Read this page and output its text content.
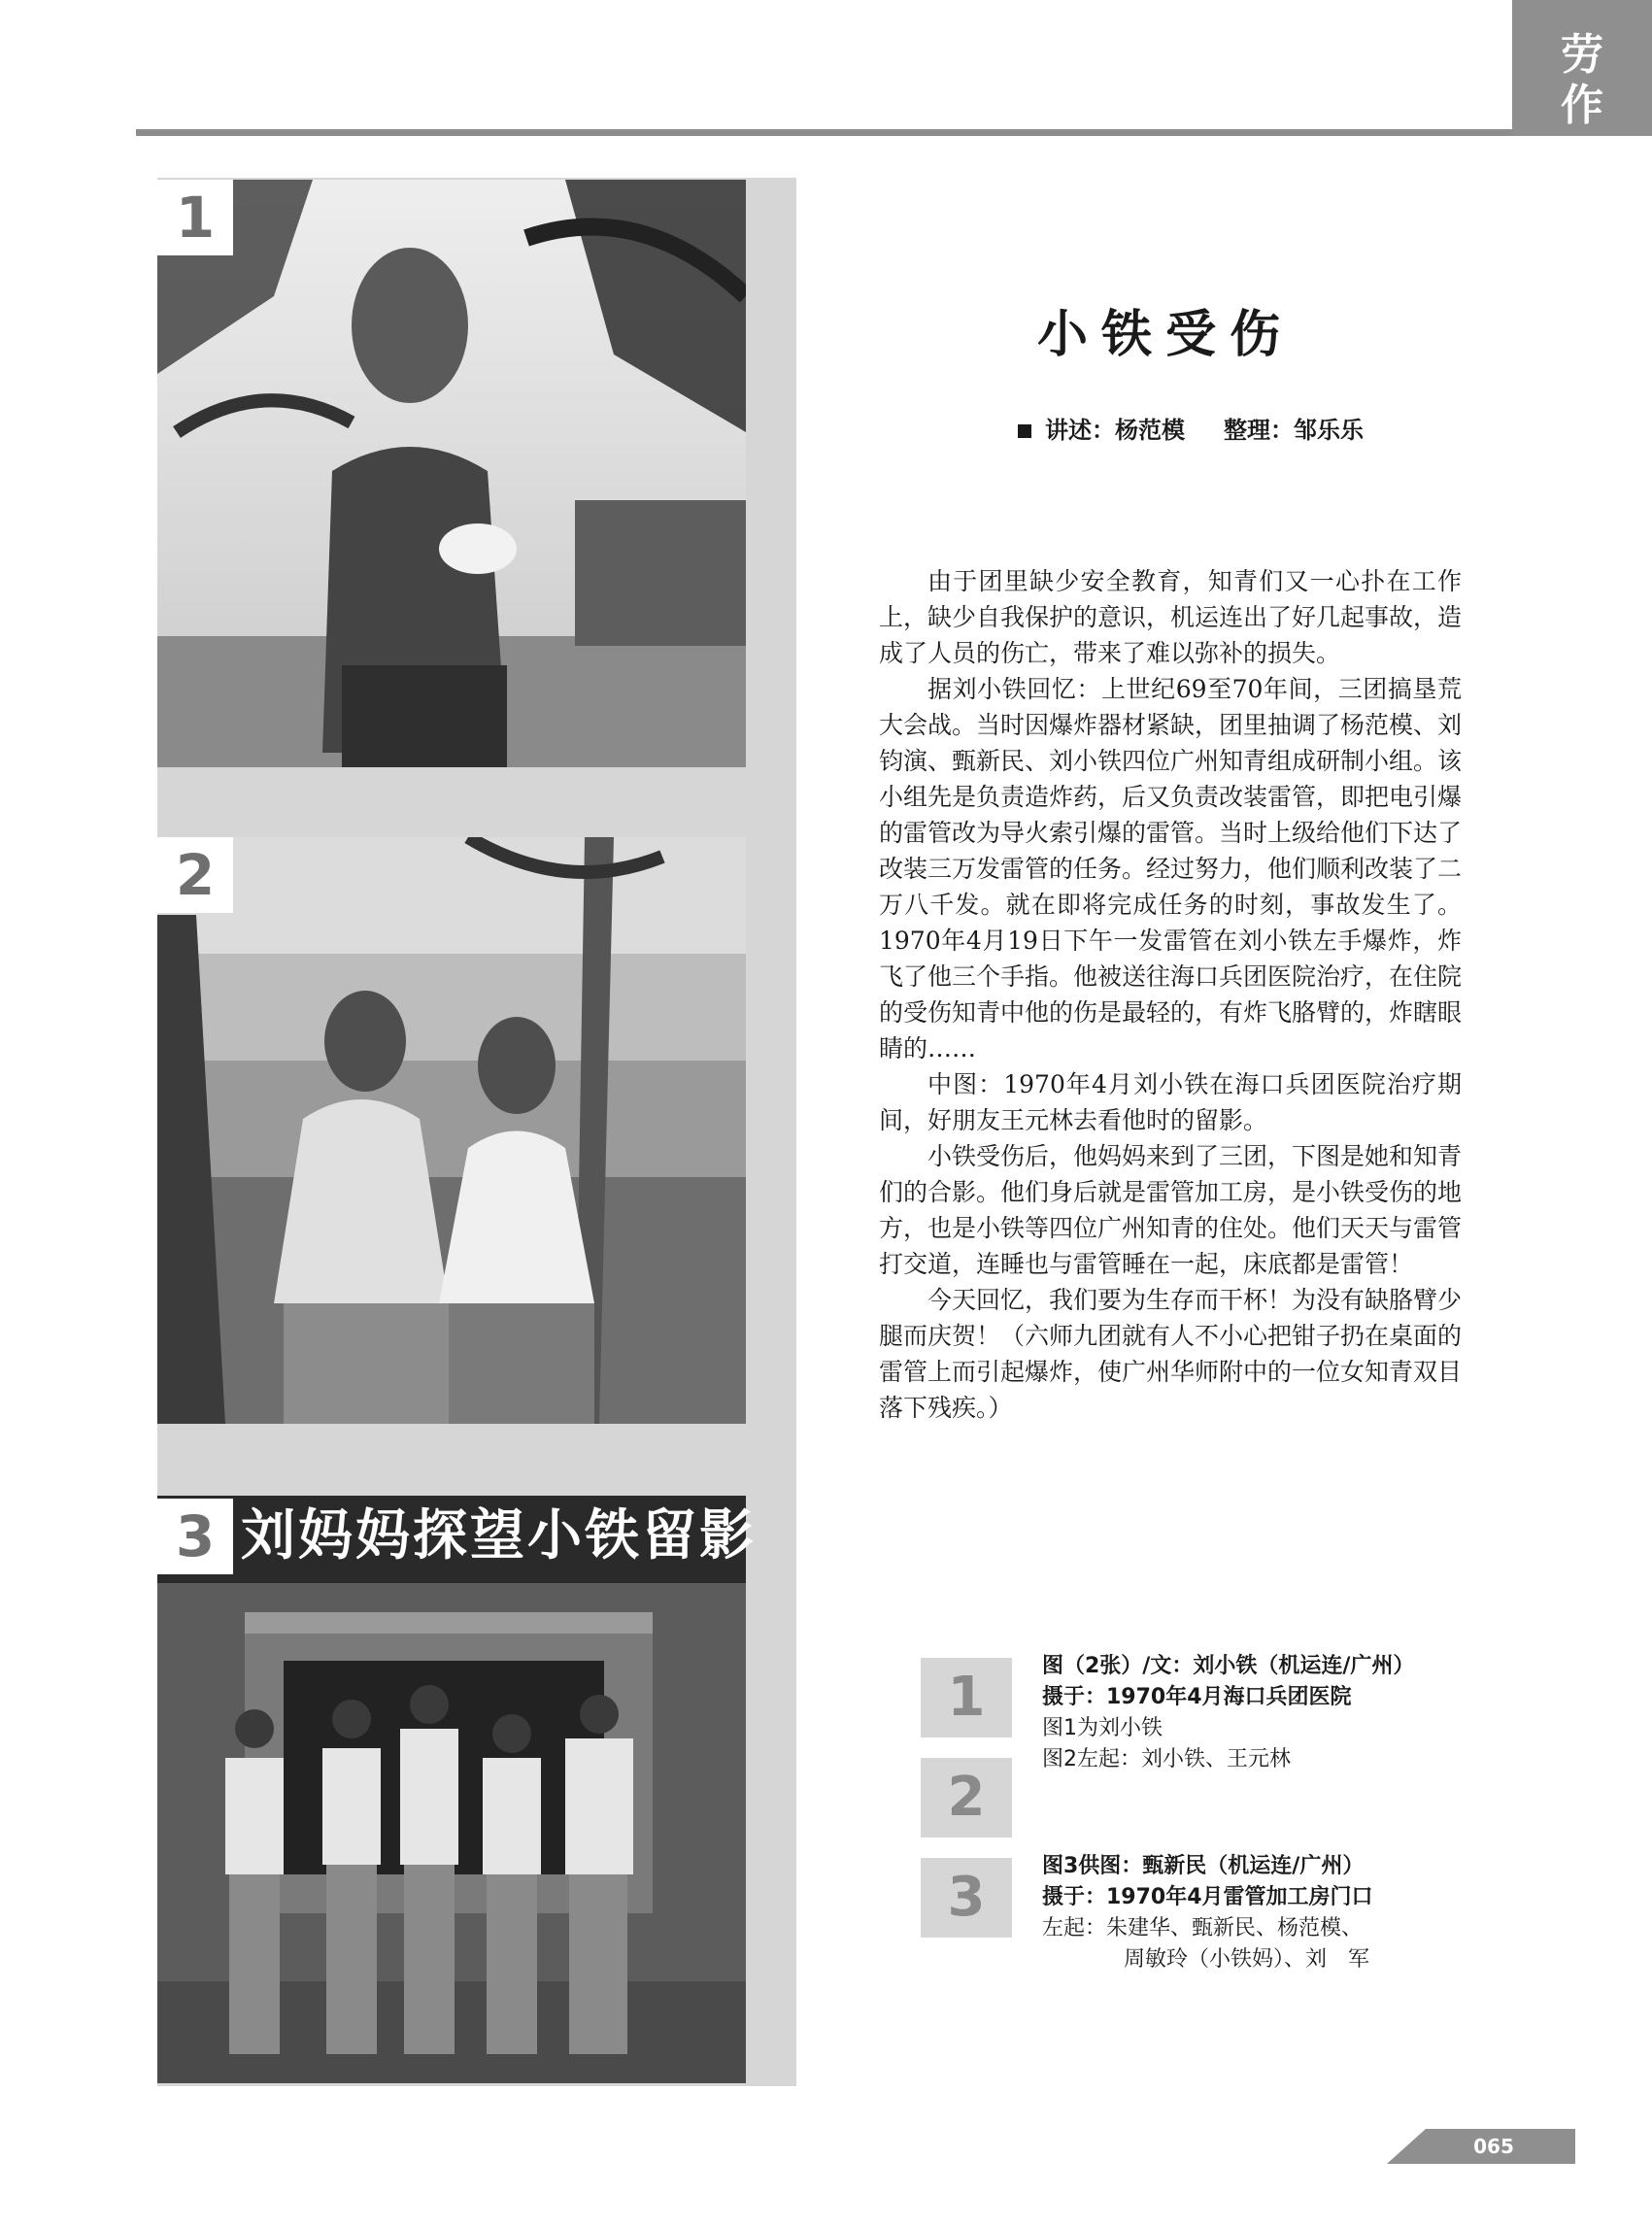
劳
作
1
2
3 刘妈妈探望小铁留影
小铁受伤
讲述：杨范模 整理：邹乐乐

由于团里缺少安全教育，知青们又一心扑在工作上，缺少自我保护的意识，机运连出了好几起事故，造成了人员的伤亡，带来了难以弥补的损失。

据刘小铁回忆：上世纪69至70年间，三团搞垦荒大会战。当时因爆炸器材紧缺，团里抽调了杨范模、刘钧演、甄新民、刘小铁四位广州知青组成研制小组。该小组先是负责造炸药，后又负责改装雷管，即把电引爆的雷管改为导火索引爆的雷管。当时上级给他们下达了改装三万发雷管的任务。经过努力，他们顺利改装了二万八千发。就在即将完成任务的时刻，事故发生了。1970年4月19日下午一发雷管在刘小铁左手爆炸，炸飞了他三个手指。他被送往海口兵团医院治疗，在住院的受伤知青中他的伤是最轻的，有炸飞胳臂的，炸瞎眼睛的……

中图：1970年4月刘小铁在海口兵团医院治疗期间，好朋友王元林去看他时的留影。

小铁受伤后，他妈妈来到了三团，下图是她和知青们的合影。他们身后就是雷管加工房，是小铁受伤的地方，也是小铁等四位广州知青的住处。他们天天与雷管打交道，连睡也与雷管睡在一起，床底都是雷管！

今天回忆，我们要为生存而干杯！为没有缺胳臂少腿而庆贺！（六师九团就有人不小心把钳子扔在桌面的雷管上而引起爆炸，使广州华师附中的一位女知青双目落下残疾。）

1
2
3
图（2张）/文：刘小铁（机运连/广州）
摄于：1970年4月海口兵团医院
图1为刘小铁
图2左起：刘小铁、王元林
图3供图：甄新民（机运连/广州）
摄于：1970年4月雷管加工房门口
左起：朱建华、甄新民、杨范模、
周敏玲（小铁妈）、刘　军
065
